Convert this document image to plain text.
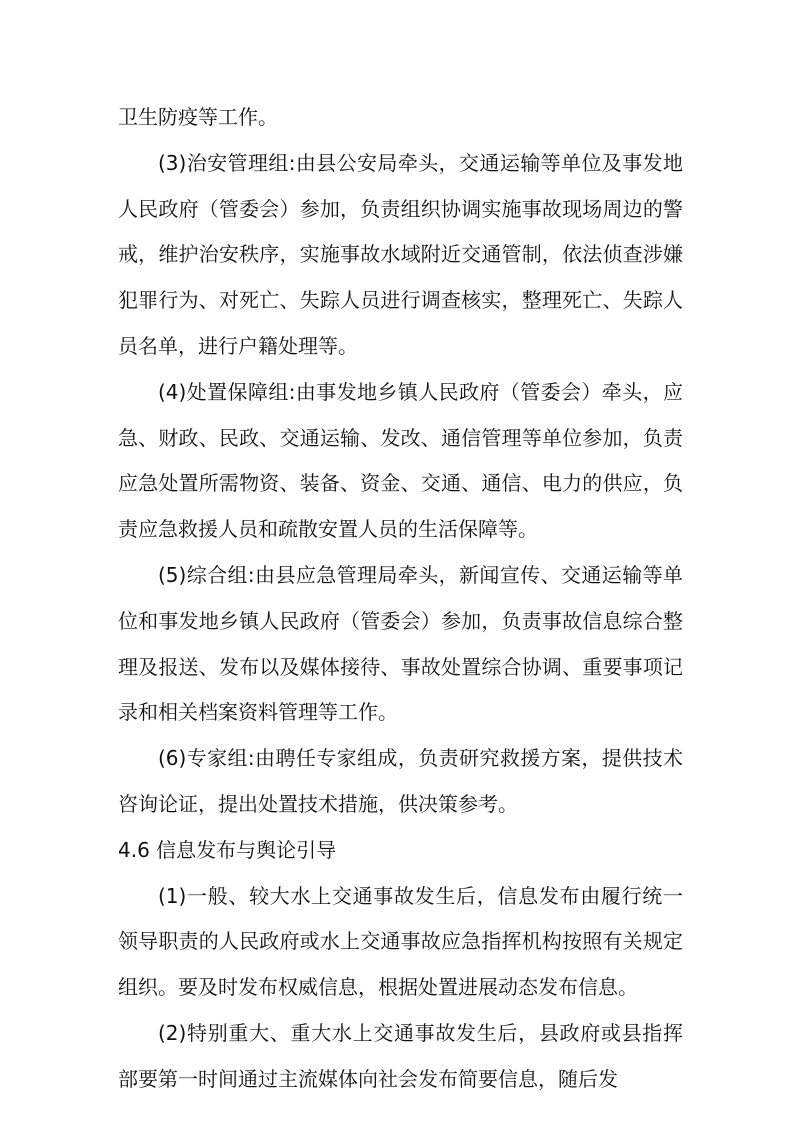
卫生防疫等工作。

(3)治安管理组:由县公安局牵头，交通运输等单位及事发地人民政府（管委会）参加，负责组织协调实施事故现场周边的警戒，维护治安秩序，实施事故水域附近交通管制，依法侦查涉嫌犯罪行为、对死亡、失踪人员进行调查核实，整理死亡、失踪人员名单，进行户籍处理等。

(4)处置保障组:由事发地乡镇人民政府（管委会）牵头，应急、财政、民政、交通运输、发改、通信管理等单位参加，负责应急处置所需物资、装备、资金、交通、通信、电力的供应，负责应急救援人员和疏散安置人员的生活保障等。

(5)综合组:由县应急管理局牵头，新闻宣传、交通运输等单位和事发地乡镇人民政府（管委会）参加，负责事故信息综合整理及报送、发布以及媒体接待、事故处置综合协调、重要事项记录和相关档案资料管理等工作。

(6)专家组:由聘任专家组成，负责研究救援方案，提供技术咨询论证，提出处置技术措施，供决策参考。

4.6 信息发布与舆论引导

(1)一般、较大水上交通事故发生后，信息发布由履行统一领导职责的人民政府或水上交通事故应急指挥机构按照有关规定组织。要及时发布权威信息，根据处置进展动态发布信息。

(2)特别重大、重大水上交通事故发生后，县政府或县指挥部要第一时间通过主流媒体向社会发布简要信息，随后发
